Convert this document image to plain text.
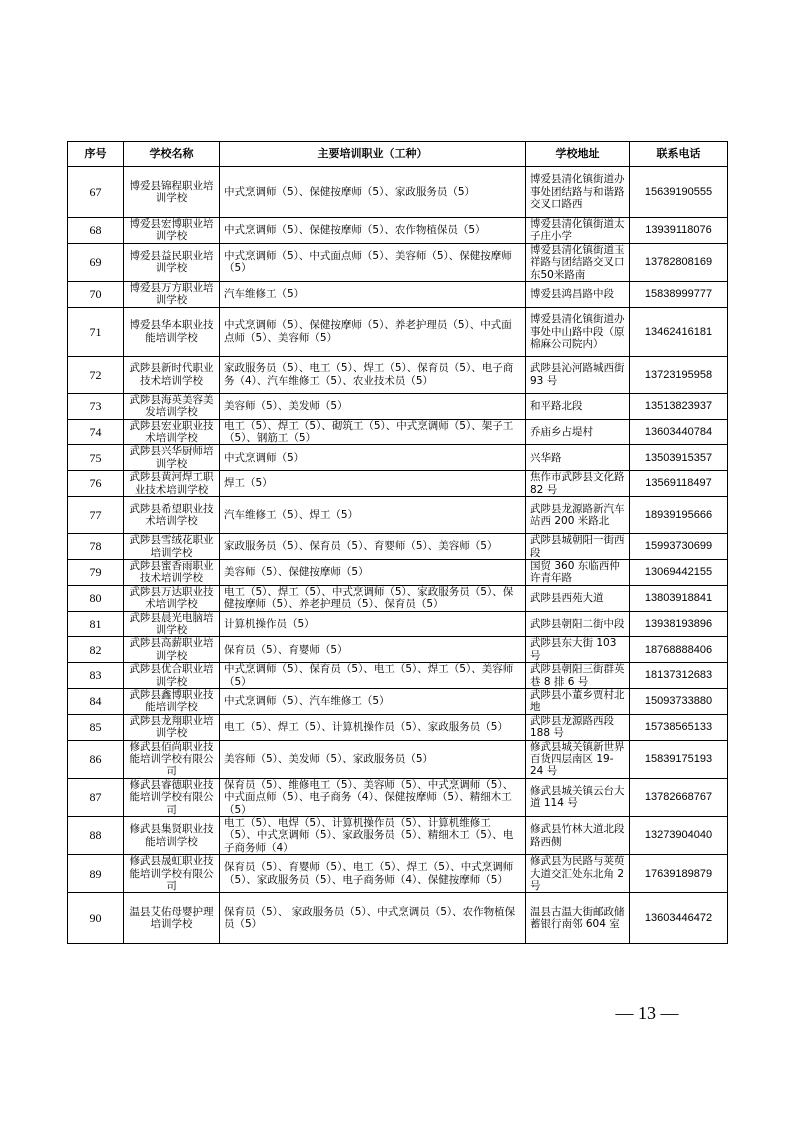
序号	学校名称	主要培训职业（工种）	学校地址	联系电话
67	博爱县锦程职业培训学校	中式烹调师（5）、保健按摩师（5）、家政服务员（5）	博爱县清化镇街道办事处团结路与和谐路交叉口路西	15639190555
68	博爱县宏博职业培训学校	中式烹调师（5）、保健按摩师（5）、农作物植保员（5）	博爱县清化镇街道太子庄小学	13939118076
69	博爱县益民职业培训学校	中式烹调师（5）、中式面点师（5）、美容师（5）、保健按摩师（5）	博爱县清化镇街道玉祥路与团结路交叉口东50米路南	13782808169
70	博爱县万方职业培训学校	汽车维修工（5）	博爱县鸿昌路中段	15838999777
71	博爱县华本职业技能培训学校	中式烹调师（5）、保健按摩师（5）、养老护理员（5）、中式面点师（5）、美容师（5）	博爱县清化镇街道办事处中山路中段（原棉麻公司院内）	13462416181
72	武陟县新时代职业技术培训学校	家政服务员（5）、电工（5）、焊工（5）、保育员（5）、电子商务（4）、汽车维修工（5）、农业技术员（5）	武陟县沁河路城西街 93 号	13723195958
73	武陟县海英美容美发培训学校	美容师（5）、美发师（5）	和平路北段	13513823937
74	武陟县宏业职业技术培训学校	电工（5）、焊工（5）、砌筑工（5）、中式烹调师（5）、架子工（5）、钢筋工（5）	乔庙乡占堤村	13603440784
75	武陟县兴华厨师培训学校	中式烹调师（5）	兴华路	13503915357
76	武陟县黄河焊工职业技术培训学校	焊工（5）	焦作市武陟县文化路 82 号	13569118497
77	武陟县希望职业技术培训学校	汽车维修工（5）、焊工（5）	武陟县龙源路新汽车站西 200 米路北	18939195666
78	武陟县雪绒花职业培训学校	家政服务员（5）、保育员（5）、育婴师（5）、美容师（5）	武陟县城朝阳一街西段	15993730699
79	武陟县蜜香雨职业技术培训学校	美容师（5）、保健按摩师（5）	国贸 360 东临西仲许青年路	13069442155
80	武陟县万达职业技术培训学校	电工（5）、焊工（5）、中式烹调师（5）、家政服务员（5）、保健按摩师（5）、养老护理员（5）、保育员（5）	武陟县西苑大道	13803918841
81	武陟县晨光电脑培训学校	计算机操作员（5）	武陟县朝阳二街中段	13938193896
82	武陟县高薪职业培训学校	保育员（5）、育婴师（5）	武陟县东大街 103 号	18768888406
83	武陟县优合职业培训学校	中式烹调师（5）、保育员（5）、电工（5）、焊工（5）、美容师（5）	武陟县朝阳三街群英巷 8 排 6 号	18137312683
84	武陟县鑫博职业技能培训学校	中式烹调师（5）、汽车维修工（5）	武陟县小董乡贾村北地	15093733880
85	武陟县龙翔职业培训学校	电工（5）、焊工（5）、计算机操作员（5）、家政服务员（5）	武陟县龙源路西段 188 号	15738565133
86	修武县佰尚职业技能培训学校有限公司	美容师（5）、美发师（5）、家政服务员（5）	修武县城关镇新世界百货四层南区 19-24 号	15839175193
87	修武县睿德职业技能培训学校有限公司	保育员（5）、维修电工（5）、美容师（5）、中式烹调师（5）、中式面点师（5）、电子商务（4）、保健按摩师（5）、精细木工（5）	修武县城关镇云台大道 114 号	13782668767
88	修武县集贤职业技能培训学校	电工（5）、电焊（5）、计算机操作员（5）、计算机维修工（5）、中式烹调师（5）、家政服务员（5）、精细木工（5）、电子商务师（4）	修武县竹林大道北段路西侧	13273904040
89	修武县晟虹职业技能培训学校有限公司	保育员（5）、育婴师（5）、电工（5）、焊工（5）、中式烹调师（5）、家政服务员（5）、电子商务师（4）、保健按摩师（5）	修武县为民路与荚萸大道交汇处东北角 2 号	17639189879
90	温县艾佑母婴护理培训学校	保育员（5）、 家政服务员（5）、中式烹调员（5）、农作物植保员（5）	温县古温大街邮政储蓄银行南邻 604 室	13603446472
— 13 —
